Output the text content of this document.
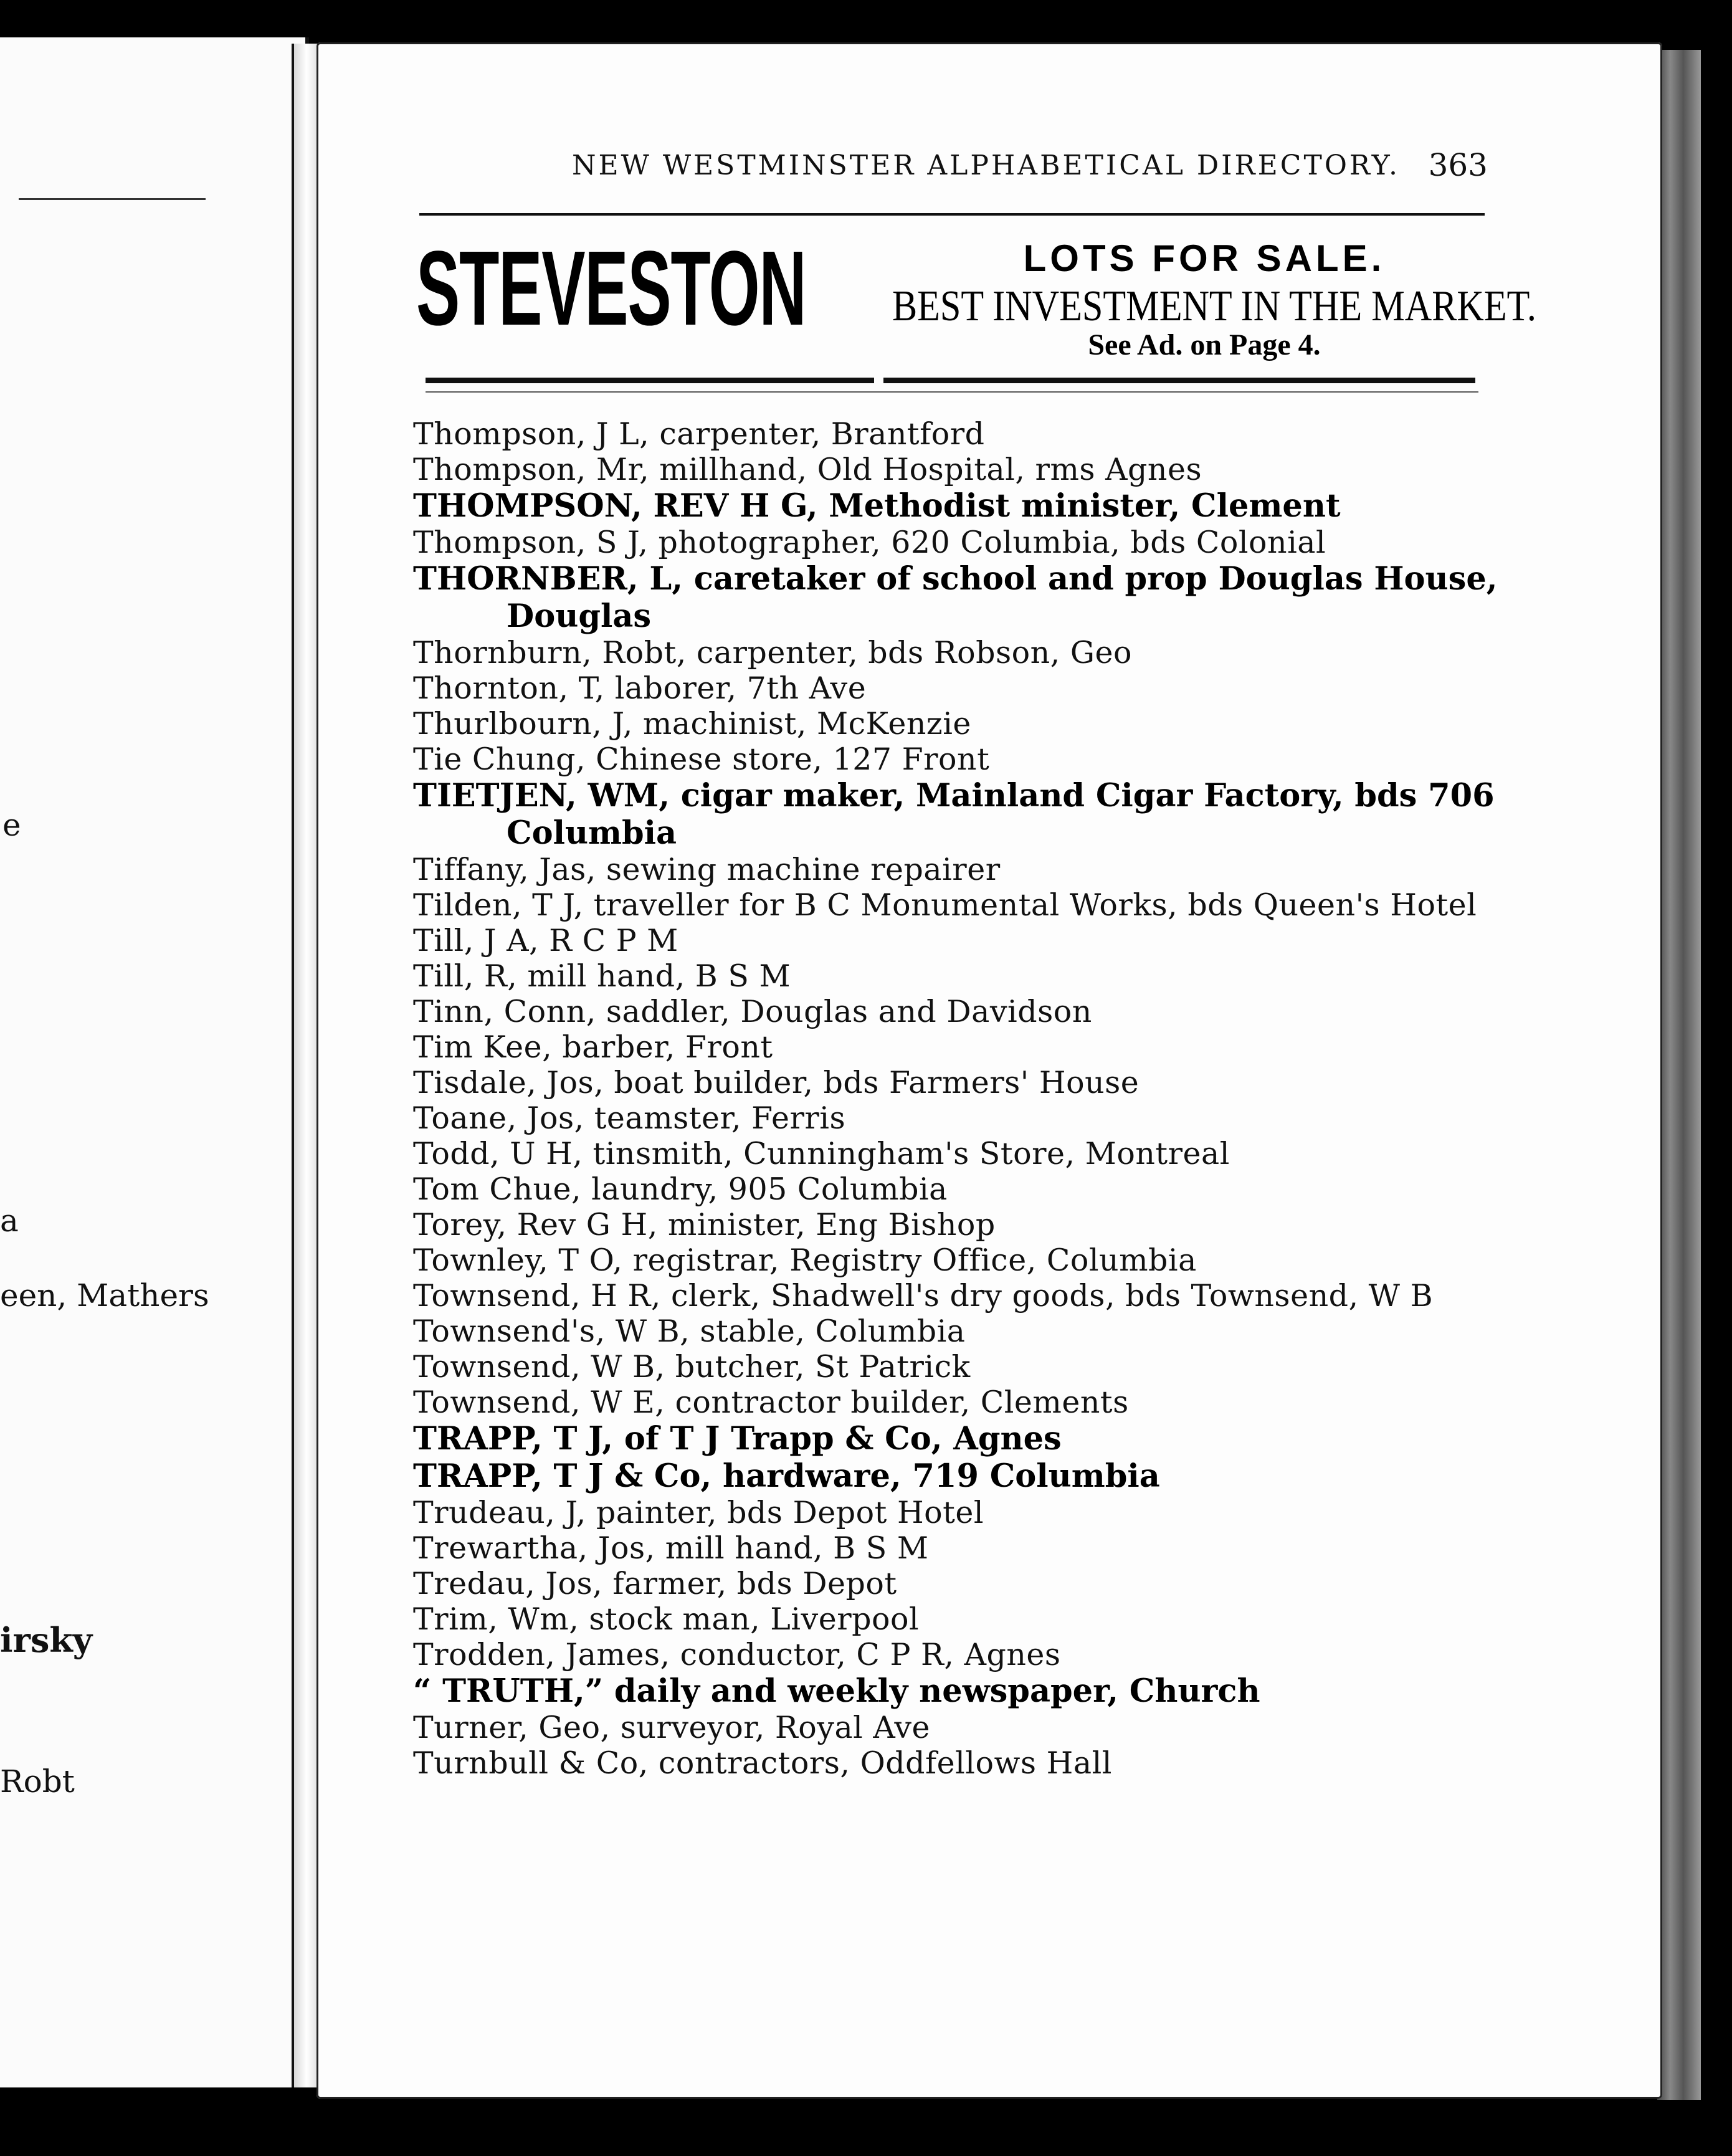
e
a
een, Mathers
irsky
Robt
NEW WESTMINSTER ALPHABETICAL DIRECTORY. 363
STEVESTON	LOTS FOR SALE.
BEST INVESTMENT IN THE MARKET.
See Ad. on Page 4.
Thompson, J L, carpenter, Brantford
Thompson, Mr, millhand, Old Hospital, rms Agnes
THOMPSON, REV H G, Methodist minister, Clement
Thompson, S J, photographer, 620 Columbia, bds Colonial
THORNBER, L, caretaker of school and prop Douglas House,
Douglas
Thornburn, Robt, carpenter, bds Robson, Geo
Thornton, T, laborer, 7th Ave
Thurlbourn, J, machinist, McKenzie
Tie Chung, Chinese store, 127 Front
TIETJEN, WM, cigar maker, Mainland Cigar Factory, bds 706
Columbia
Tiffany, Jas, sewing machine repairer
Tilden, T J, traveller for B C Monumental Works, bds Queen's Hotel
Till, J A, R C P M
Till, R, mill hand, B S M
Tinn, Conn, saddler, Douglas and Davidson
Tim Kee, barber, Front
Tisdale, Jos, boat builder, bds Farmers' House
Toane, Jos, teamster, Ferris
Todd, U H, tinsmith, Cunningham's Store, Montreal
Tom Chue, laundry, 905 Columbia
Torey, Rev G H, minister, Eng Bishop
Townley, T O, registrar, Registry Office, Columbia
Townsend, H R, clerk, Shadwell's dry goods, bds Townsend, W B
Townsend's, W B, stable, Columbia
Townsend, W B, butcher, St Patrick
Townsend, W E, contractor builder, Clements
TRAPP, T J, of T J Trapp & Co, Agnes
TRAPP, T J & Co, hardware, 719 Columbia
Trudeau, J, painter, bds Depot Hotel
Trewartha, Jos, mill hand, B S M
Tredau, Jos, farmer, bds Depot
Trim, Wm, stock man, Liverpool
Trodden, James, conductor, C P R, Agnes
“ TRUTH,” daily and weekly newspaper, Church
Turner, Geo, surveyor, Royal Ave
Turnbull & Co, contractors, Oddfellows Hall
